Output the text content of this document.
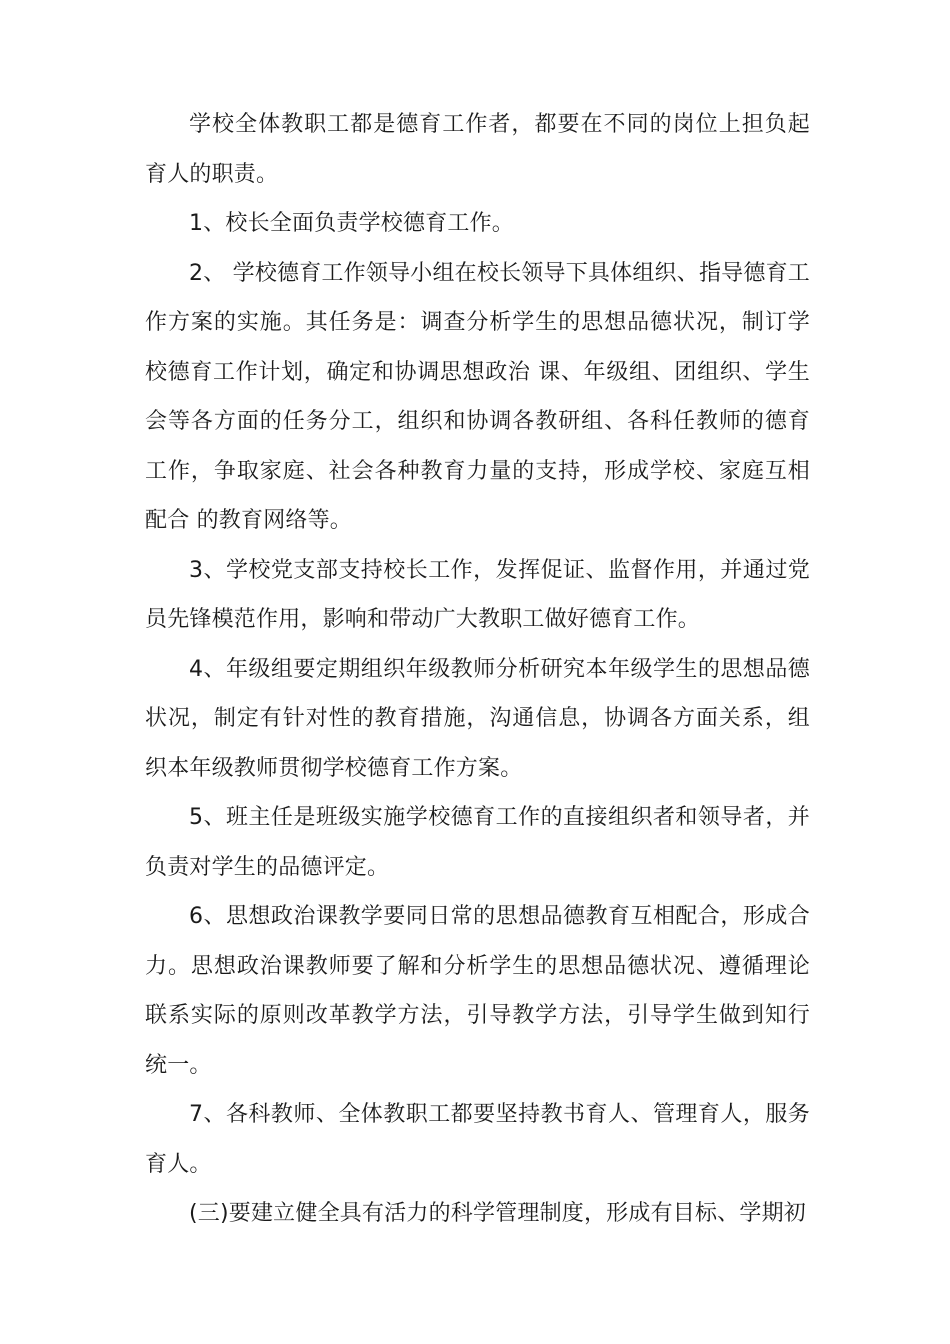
学校全体教职工都是德育工作者，都要在不同的岗位上担负起育人的职责。

1、校长全面负责学校德育工作。

2、 学校德育工作领导小组在校长领导下具体组织、指导德育工作方案的实施。其任务是：调查分析学生的思想品德状况，制订学校德育工作计划，确定和协调思想政治 课、年级组、团组织、学生会等各方面的任务分工，组织和协调各教研组、各科任教师的德育工作，争取家庭、社会各种教育力量的支持，形成学校、家庭互相配合 的教育网络等。

3、学校党支部支持校长工作，发挥促证、监督作用，并通过党员先锋模范作用，影响和带动广大教职工做好德育工作。

4、年级组要定期组织年级教师分析研究本年级学生的思想品德状况，制定有针对性的教育措施，沟通信息，协调各方面关系，组织本年级教师贯彻学校德育工作方案。

5、班主任是班级实施学校德育工作的直接组织者和领导者，并负责对学生的品德评定。

6、思想政治课教学要同日常的思想品德教育互相配合，形成合力。思想政治课教师要了解和分析学生的思想品德状况、遵循理论联系实际的原则改革教学方法，引导教学方法，引导学生做到知行统一。

7、各科教师、全体教职工都要坚持教书育人、管理育人，服务育人。

(三)要建立健全具有活力的科学管理制度，形成有目标、学期初
